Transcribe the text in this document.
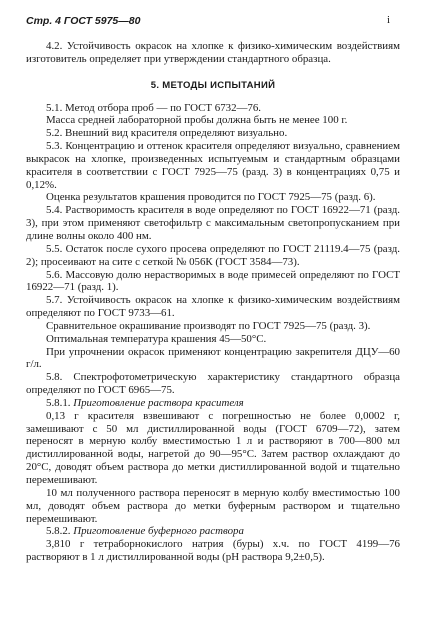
Стр. 4 ГОСТ 5975—80	i

4.2. Устойчивость окрасок на хлопке к физико-химическим воздействиям изготовитель определяет при утверждении стандартного образца.

5. МЕТОДЫ ИСПЫТАНИЙ

5.1. Метод отбора проб — по ГОСТ 6732—76.

Масса средней лабораторной пробы должна быть не менее 100 г.

5.2. Внешний вид красителя определяют визуально.

5.3. Концентрацию и оттенок красителя определяют визуально, сравнением выкрасок на хлопке, произведенных испытуемым и стандартным образцами красителя в соответствии с ГОСТ 7925—75 (разд. 3) в концентрациях 0,75 и 0,12%.

Оценка результатов крашения проводится по ГОСТ 7925—75 (разд. 6).

5.4. Растворимость красителя в воде определяют по ГОСТ 16922—71 (разд. 3), при этом применяют светофильтр с максимальным светопропусканием при длине волны около 400 нм.

5.5. Остаток после сухого просева определяют по ГОСТ 21119.4—75 (разд. 2); просеивают на сите с сеткой № 056К (ГОСТ 3584—73).

5.6. Массовую долю нерастворимых в воде примесей определяют по ГОСТ 16922—71 (разд. 1).

5.7. Устойчивость окрасок на хлопке к физико-химическим воздействиям определяют по ГОСТ 9733—61.

Сравнительное окрашивание производят по ГОСТ 7925—75 (разд. 3).

Оптимальная температура крашения 45—50°С.

При упрочнении окрасок применяют концентрацию закрепителя ДЦУ—60 г/л.

5.8. Спектрофотометрическую характеристику стандартного образца определяют по ГОСТ 6965—75.

5.8.1. Приготовление раствора красителя

0,13 г красителя взвешивают с погрешностью не более 0,0002 г, замешивают с 50 мл дистиллированной воды (ГОСТ 6709—72), затем переносят в мерную колбу вместимостью 1 л и растворяют в 700—800 мл дистиллированной воды, нагретой до 90—95°С. Затем раствор охлаждают до 20°С, доводят объем раствора до метки дистиллированной водой и тщательно перемешивают.

10 мл полученного раствора переносят в мерную колбу вместимостью 100 мл, доводят объем раствора до метки буферным раствором и тщательно перемешивают.

5.8.2. Приготовление буферного раствора

3,810 г тетраборнокислого натрия (буры) х.ч. по ГОСТ 4199—76 растворяют в 1 л дистиллированной воды (рН раствора 9,2±0,5).
